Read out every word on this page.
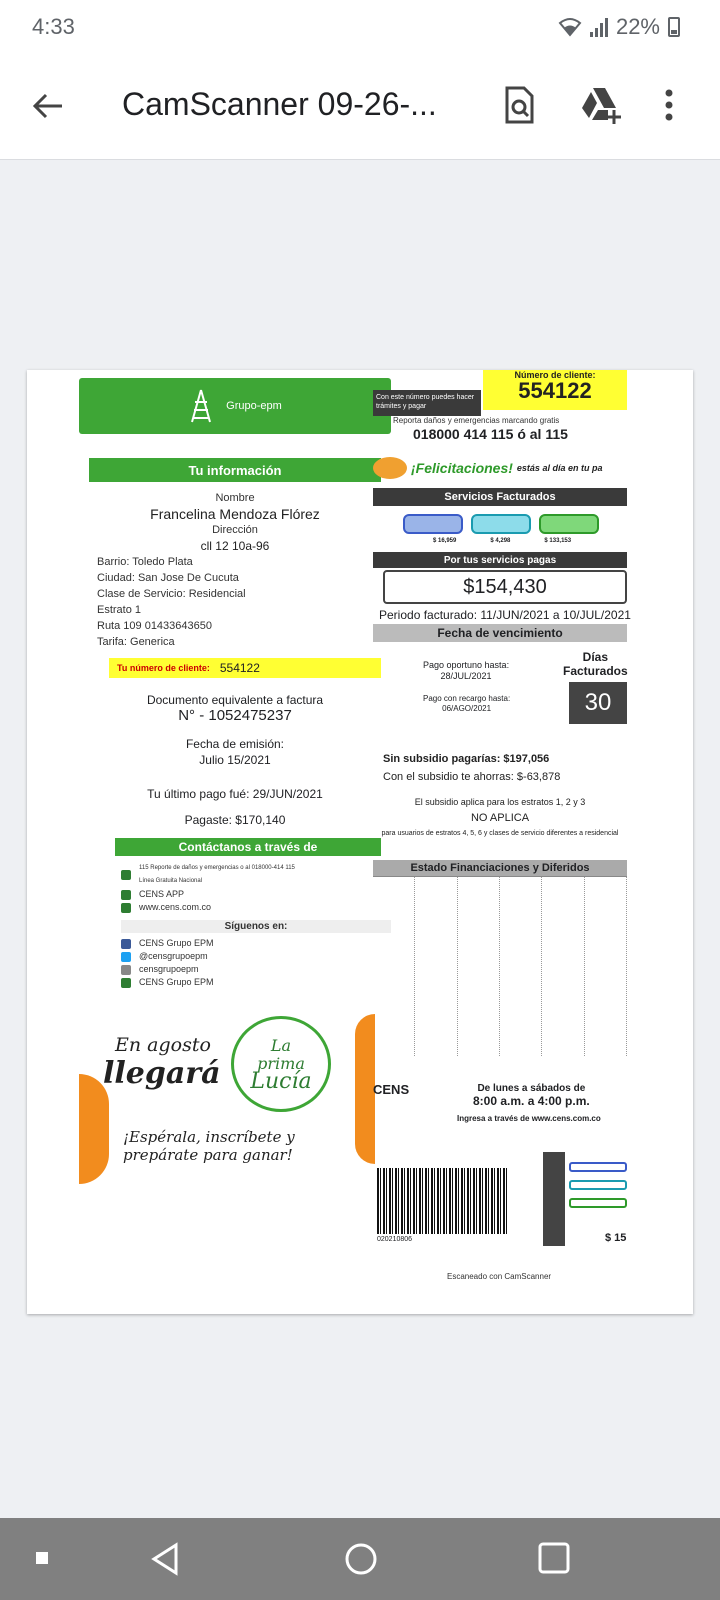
4:33	22%
CamScanner 09-26-...
Grupo-epm
Tu información
Nombre
Francelina Mendoza Flórez
Dirección
cll 12 10a-96
Barrio: Toledo Plata
Ciudad: San Jose De Cucuta
Clase de Servicio: Residencial
Estrato 1
Ruta 109 01433643650
Tarifa: Generica
Tu número de cliente: 554122
Documento equivalente a factura
N° - 1052475237
Fecha de emisión:
Julio 15/2021
Tu último pago fué: 29/JUN/2021
Pagaste: $170,140
Contáctanos a través de
115 Reporte de daños y emergencias o al 018000-414 115 Línea Gratuita Nacional
CENS APP
www.cens.com.co
Síguenos en:
CENS Grupo EPM
@censgrupoepm
censgrupoepm
CENS Grupo EPM
En agosto
llegará
La
prima
Lucía
¡Espérala, inscríbete y
prepárate para ganar!
Con este número puedes hacer trámites y pagar
Número de cliente:
554122
Reporta daños y emergencias marcando gratis
018000 414 115 ó al 115
¡Felicitaciones! estás al día en tu pa
Servicios Facturados
$ 16,959	$ 4,298	$ 133,153
Por tus servicios pagas
$154,430
Periodo facturado: 11/JUN/2021 a 10/JUL/2021
Fecha de vencimiento
Pago oportuno hasta:
28/JUL/2021
Pago con recargo hasta:
06/AGO/2021
Días
Facturados
30
Sin subsidio pagarías: $197,056
Con el subsidio te ahorras: $-63,878
El subsidio aplica para los estratos 1, 2 y 3
NO APLICA
para usuarios de estratos 4, 5, 6 y clases de servicio diferentes a residencial
Estado Financiaciones y Diferidos
CENS	De lunes a sábados de
8:00 a.m. a 4:00 p.m.
Ingresa a través de www.cens.com.co
020210806	$ 15
Escaneado con CamScanner
